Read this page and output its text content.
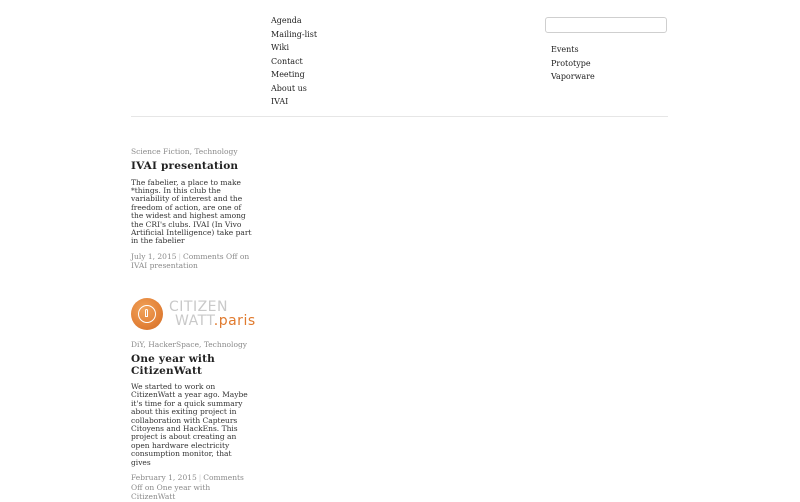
Agenda
Mailing-list
Wiki
Contact
Meeting
About us
IVAI
Events
Prototype
Vaporware
Science Fiction, Technology
IVAI presentation

The fabelier, a place to make *things. In this club the variability of interest and the freedom of action, are one of the widest and highest among the CRI's clubs. IVAI (In Vivo Artificial Intelligence) take part in the fabelier

July 1, 2015 | Comments Off on IVAI presentation
CITIZEN
WATT.paris
DiY, HackerSpace, Technology
One year with CitizenWatt

We started to work on CitizenWatt a year ago. Maybe it's time for a quick summary about this exiting project in collaboration with Capteurs Citoyens and HackEns. This project is about creating an open hardware electricity consumption monitor, that gives

February 1, 2015 | Comments Off on One year with CitizenWatt
